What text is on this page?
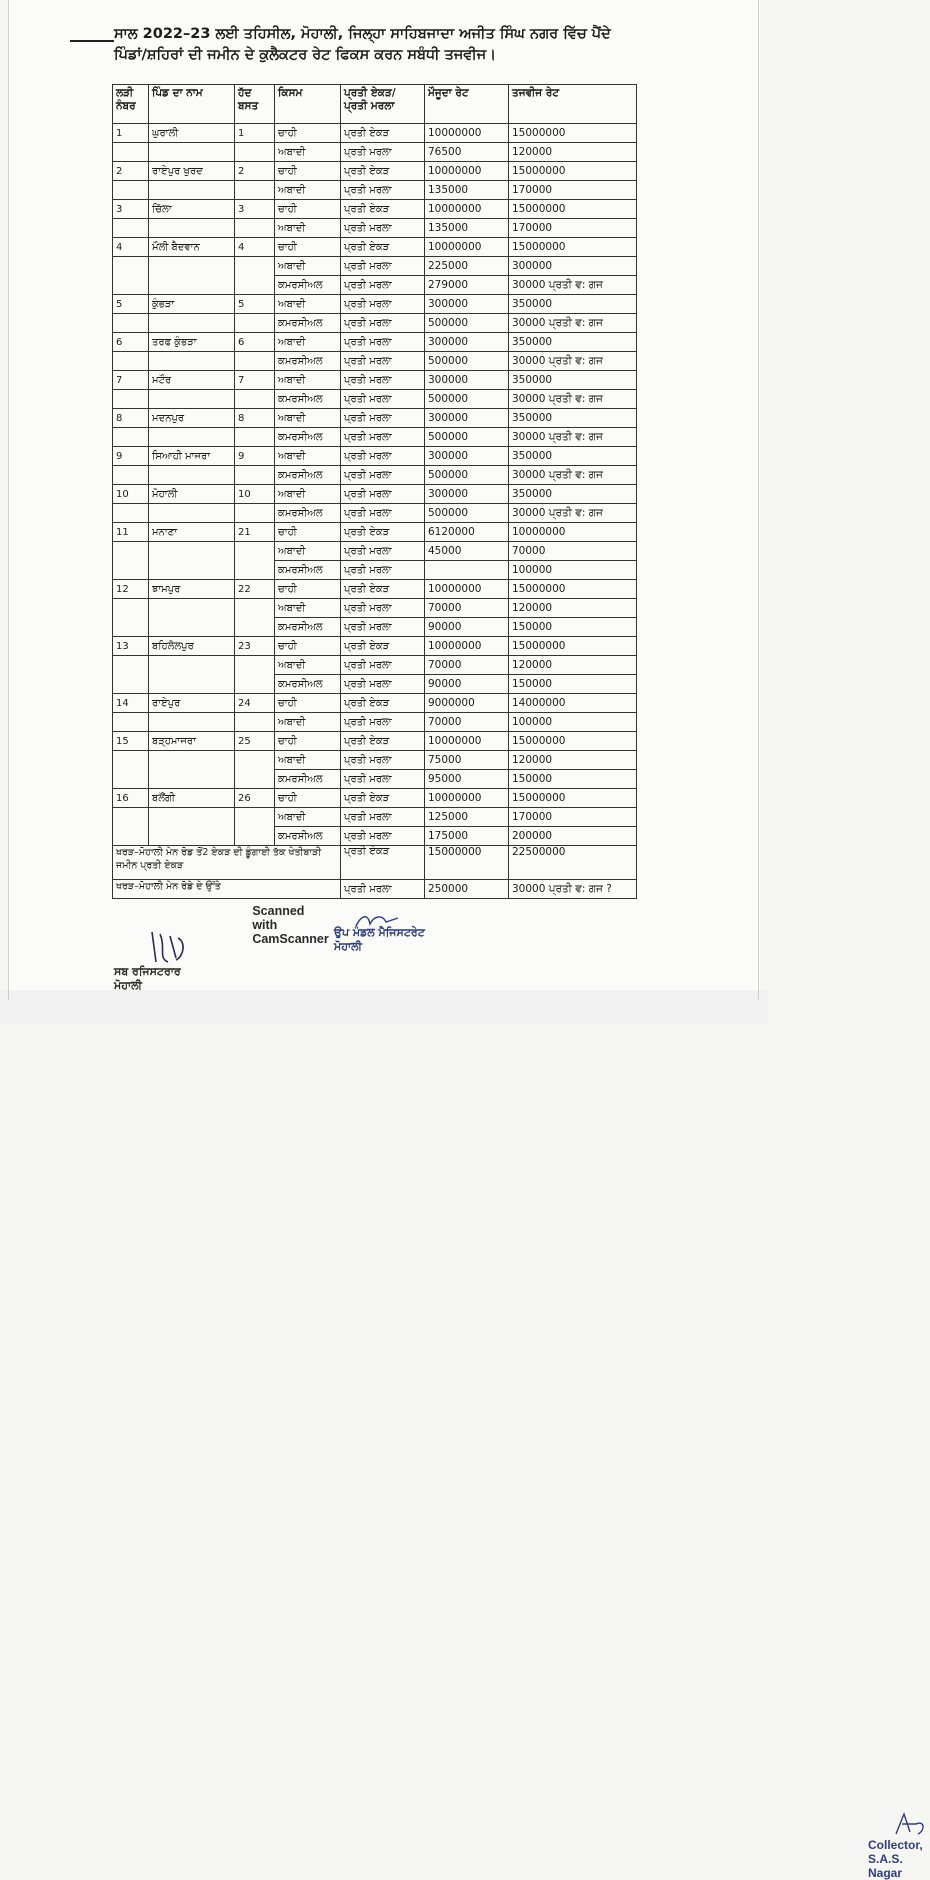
ਸਾਲ 2022–23 ਲਈ ਤਹਿਸੀਲ, ਮੋਹਾਲੀ, ਜਿਲ੍ਹਾ ਸਾਹਿਬਜਾਦਾ ਅਜੀਤ ਸਿੰਘ ਨਗਰ ਵਿੱਚ ਪੈਂਦੇ
ਪਿੰਡਾਂ/ਸ਼ਹਿਰਾਂ ਦੀ ਜਮੀਨ ਦੇ ਕੁਲੈਕਟਰ ਰੇਟ ਫਿਕਸ ਕਰਨ ਸਬੰਧੀ ਤਜਵੀਜ।
ਲੜੀ ਨੰਬਰ	ਪਿੰਡ ਦਾ ਨਾਮ	ਹੱਦ ਬਸਤ	ਕਿਸਮ	ਪ੍ਰਤੀ ਏਕੜ/ ਪ੍ਰਤੀ ਮਰਲਾ	ਮੌਜੂਦਾ ਰੇਟ	ਤਜਵੀਜ ਰੇਟ
1	ਘੁਰਾਲੀ	1	ਚਾਹੀ	ਪ੍ਰਤੀ ਏਕੜ	10000000	15000000
			ਅਬਾਦੀ	ਪ੍ਰਤੀ ਮਰਲਾ	76500	120000
2	ਰਾਏਪੁਰ ਖੁਰਦ	2	ਚਾਹੀ	ਪ੍ਰਤੀ ਏਕੜ	10000000	15000000
			ਅਬਾਦੀ	ਪ੍ਰਤੀ ਮਰਲਾ	135000	170000
3	ਚਿੱਲਾ	3	ਚਾਹੀ	ਪ੍ਰਤੀ ਏਕੜ	10000000	15000000
			ਅਬਾਦੀ	ਪ੍ਰਤੀ ਮਰਲਾ	135000	170000
4	ਮੌਲੀ ਬੈਦਵਾਨ	4	ਚਾਹੀ	ਪ੍ਰਤੀ ਏਕੜ	10000000	15000000
			ਅਬਾਦੀ	ਪ੍ਰਤੀ ਮਰਲਾ	225000	300000
			ਕਮਰਸੀਅਲ	ਪ੍ਰਤੀ ਮਰਲਾ	279000	30000 ਪ੍ਰਤੀ ਵ: ਗਜ
5	ਕੁੰਭੜਾ	5	ਅਬਾਦੀ	ਪ੍ਰਤੀ ਮਰਲਾ	300000	350000
			ਕਮਰਸੀਅਲ	ਪ੍ਰਤੀ ਮਰਲਾ	500000	30000 ਪ੍ਰਤੀ ਵ: ਗਜ
6	ਤਰਫ ਕੁੰਭੜਾ	6	ਅਬਾਦੀ	ਪ੍ਰਤੀ ਮਰਲਾ	300000	350000
			ਕਮਰਸੀਅਲ	ਪ੍ਰਤੀ ਮਰਲਾ	500000	30000 ਪ੍ਰਤੀ ਵ: ਗਜ
7	ਮਟੌਰ	7	ਅਬਾਦੀ	ਪ੍ਰਤੀ ਮਰਲਾ	300000	350000
			ਕਮਰਸੀਅਲ	ਪ੍ਰਤੀ ਮਰਲਾ	500000	30000 ਪ੍ਰਤੀ ਵ: ਗਜ
8	ਮਦਨਪੁਰ	8	ਅਬਾਦੀ	ਪ੍ਰਤੀ ਮਰਲਾ	300000	350000
			ਕਮਰਸੀਅਲ	ਪ੍ਰਤੀ ਮਰਲਾ	500000	30000 ਪ੍ਰਤੀ ਵ: ਗਜ
9	ਸਿਆਹੀ ਮਾਜਰਾ	9	ਅਬਾਦੀ	ਪ੍ਰਤੀ ਮਰਲਾ	300000	350000
			ਕਮਰਸੀਅਲ	ਪ੍ਰਤੀ ਮਰਲਾ	500000	30000 ਪ੍ਰਤੀ ਵ: ਗਜ
10	ਮੋਹਾਲੀ	10	ਅਬਾਦੀ	ਪ੍ਰਤੀ ਮਰਲਾ	300000	350000
			ਕਮਰਸੀਅਲ	ਪ੍ਰਤੀ ਮਰਲਾ	500000	30000 ਪ੍ਰਤੀ ਵ: ਗਜ
11	ਮਨਾਣਾ	21	ਚਾਹੀ	ਪ੍ਰਤੀ ਏਕੜ	6120000	10000000
			ਅਬਾਦੀ	ਪ੍ਰਤੀ ਮਰਲਾ	45000	70000
			ਕਮਰਸੀਅਲ	ਪ੍ਰਤੀ ਮਰਲਾ		100000
12	ਝਾਮਪੁਰ	22	ਚਾਹੀ	ਪ੍ਰਤੀ ਏਕੜ	10000000	15000000
			ਅਬਾਦੀ	ਪ੍ਰਤੀ ਮਰਲਾ	70000	120000
			ਕਮਰਸੀਅਲ	ਪ੍ਰਤੀ ਮਰਲਾ	90000	150000
13	ਬਹਿਲੋਲਪੁਰ	23	ਚਾਹੀ	ਪ੍ਰਤੀ ਏਕੜ	10000000	15000000
			ਅਬਾਦੀ	ਪ੍ਰਤੀ ਮਰਲਾ	70000	120000
			ਕਮਰਸੀਅਲ	ਪ੍ਰਤੀ ਮਰਲਾ	90000	150000
14	ਰਾਏਪੁਰ	24	ਚਾਹੀ	ਪ੍ਰਤੀ ਏਕੜ	9000000	14000000
			ਅਬਾਦੀ	ਪ੍ਰਤੀ ਮਰਲਾ	70000	100000
15	ਬੜ੍ਹਮਾਜਰਾ	25	ਚਾਹੀ	ਪ੍ਰਤੀ ਏਕੜ	10000000	15000000
			ਅਬਾਦੀ	ਪ੍ਰਤੀ ਮਰਲਾ	75000	120000
			ਕਮਰਸੀਅਲ	ਪ੍ਰਤੀ ਮਰਲਾ	95000	150000
16	ਬਲੌਂਗੀ	26	ਚਾਹੀ	ਪ੍ਰਤੀ ਏਕੜ	10000000	15000000
			ਅਬਾਦੀ	ਪ੍ਰਤੀ ਮਰਲਾ	125000	170000
			ਕਮਰਸੀਅਲ	ਪ੍ਰਤੀ ਮਰਲਾ	175000	200000
ਖਰੜ–ਮੋਹਾਲੀ ਮੇਨ ਰੋਡ ਤੋਂ2 ਏਕੜ ਦੀ ਡੂੰਗਾਈ ਤੱਕ ਖੇਤੀਬਾੜੀ ਜਮੀਨ ਪ੍ਰਤੀ ਏਕੜ				ਪ੍ਰਤੀ ਏਕੜ	15000000	22500000
ਖਰੜ–ਮੋਹਾਲੀ ਮੇਨ ਰੋਡੇ ਦੇ ਉੱਤੇ				ਪ੍ਰਤੀ ਮਰਲਾ	250000	30000 ਪ੍ਰਤੀ ਵ: ਗਜ ?
ਸਬ ਰਜਿਸਟਰਾਰ
ਮੋਹਾਲੀ
ਉਪ ਮੰਡਲ ਮੈਜਿਸਟਰੇਟ
ਮੋਹਾਲੀ
Collector,
S.A.S. Nagar
Scanned with CamScanner
